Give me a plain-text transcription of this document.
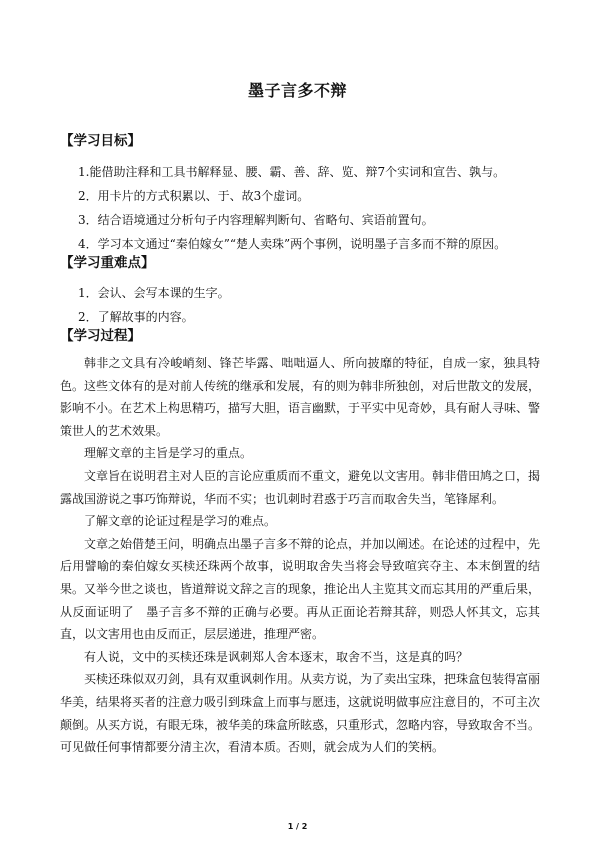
墨子言多不辩
【学习目标】
1.能借助注释和工具书解释显、腰、霸、善、辞、览、辩7个实词和宣告、孰与。
2．用卡片的方式积累以、于、故3个虚词。
3．结合语境通过分析句子内容理解判断句、省略句、宾语前置句。
4．学习本文通过“秦伯嫁女”“楚人卖珠”两个事例，说明墨子言多而不辩的原因。
【学习重难点】
1．会认、会写本课的生字。
2．了解故事的内容。
【学习过程】

韩非之文具有冷峻峭刻、锋芒毕露、咄咄逼人、所向披靡的特征，自成一家，独具特色。这些文体有的是对前人传统的继承和发展，有的则为韩非所独创，对后世散文的发展，影响不小。在艺术上构思精巧，描写大胆，语言幽默，于平实中见奇妙，具有耐人寻味、警策世人的艺术效果。

理解文章的主旨是学习的重点。

文章旨在说明君主对人臣的言论应重质而不重文，避免以文害用。韩非借田鸠之口，揭露战国游说之事巧饰辩说，华而不实；也讥刺时君惑于巧言而取舍失当，笔锋犀利。

了解文章的论证过程是学习的难点。

文章之始借楚王问，明确点出墨子言多不辩的论点，并加以阐述。在论述的过程中，先后用譬喻的秦伯嫁女买椟还珠两个故事，说明取舍失当将会导致喧宾夺主、本末倒置的结果。又举今世之谈也，皆道辩说文辞之言的现象，推论出人主览其文而忘其用的严重后果，从反面证明了　墨子言多不辩的正确与必要。再从正面论若辩其辞，则恐人怀其文，忘其直，以文害用也由反而正，层层递进，推理严密。

有人说，文中的买椟还珠是讽刺郑人舍本逐末，取舍不当，这是真的吗？

买椟还珠似双刃剑，具有双重讽刺作用。从卖方说，为了卖出宝珠，把珠盒包装得富丽华美，结果将买者的注意力吸引到珠盒上而事与愿违，这就说明做事应注意目的，不可主次颠倒。从买方说，有眼无珠，被华美的珠盒所眩惑，只重形式，忽略内容，导致取舍不当。可见做任何事情都要分清主次，看清本质。否则，就会成为人们的笑柄。

1 / 2
